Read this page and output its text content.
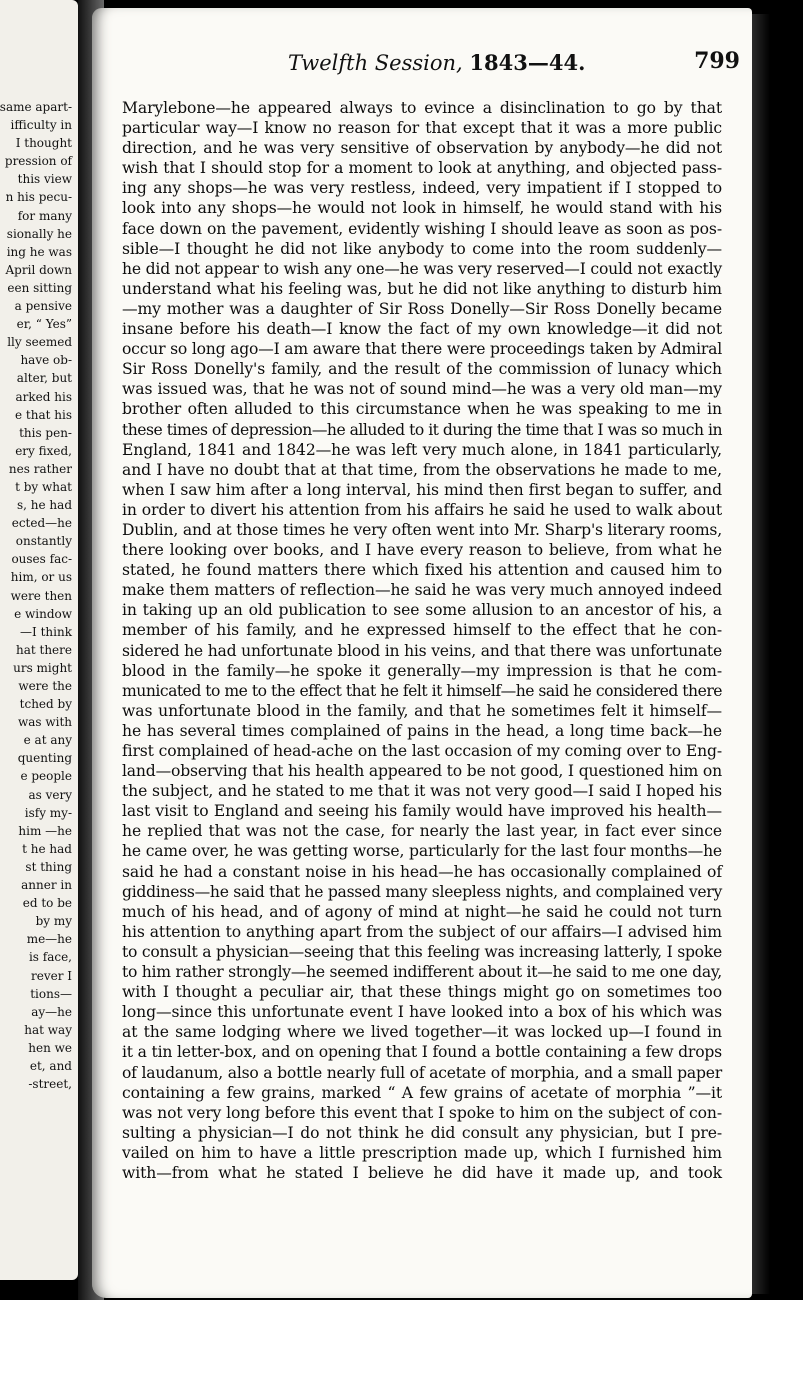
same apart-
ifficulty in
I thought
pression of
this view
n his pecu-
for many
sionally he
ing he was
April down
een sitting
a pensive
er, “ Yes”
lly seemed
have ob-
alter, but
arked his
e that his
this pen-
ery fixed,
nes rather
t by what
s, he had
ected—he
onstantly
ouses fac-
him, or us
were then
e window
—I think
hat there
urs might
were the
tched by
was with
e at any
quenting
e people
as very
isfy my-
him —he
t he had
st thing
anner in
ed to be
by my
me—he
is face,
rever I
tions—
ay—he
hat way
hen we
et, and
-street,
Twelfth Session, 1843—44.	799
Marylebone—he appeared always to evince a disinclination to go by that
particular way—I know no reason for that except that it was a more public
direction, and he was very sensitive of observation by anybody—he did not
wish that I should stop for a moment to look at anything, and objected pass-
ing any shops—he was very restless, indeed, very impatient if I stopped to
look into any shops—he would not look in himself, he would stand with his
face down on the pavement, evidently wishing I should leave as soon as pos-
sible—I thought he did not like anybody to come into the room suddenly—
he did not appear to wish any one—he was very reserved—I could not exactly
understand what his feeling was, but he did not like anything to disturb him
—my mother was a daughter of Sir Ross Donelly—Sir Ross Donelly became
insane before his death—I know the fact of my own knowledge—it did not
occur so long ago—I am aware that there were proceedings taken by Admiral
Sir Ross Donelly's family, and the result of the commission of lunacy which
was issued was, that he was not of sound mind—he was a very old man—my
brother often alluded to this circumstance when he was speaking to me in
these times of depression—he alluded to it during the time that I was so much in
England, 1841 and 1842—he was left very much alone, in 1841 particularly,
and I have no doubt that at that time, from the observations he made to me,
when I saw him after a long interval, his mind then first began to suffer, and
in order to divert his attention from his affairs he said he used to walk about
Dublin, and at those times he very often went into Mr. Sharp's literary rooms,
there looking over books, and I have every reason to believe, from what he
stated, he found matters there which fixed his attention and caused him to
make them matters of reflection—he said he was very much annoyed indeed
in taking up an old publication to see some allusion to an ancestor of his, a
member of his family, and he expressed himself to the effect that he con-
sidered he had unfortunate blood in his veins, and that there was unfortunate
blood in the family—he spoke it generally—my impression is that he com-
municated to me to the effect that he felt it himself—he said he considered there
was unfortunate blood in the family, and that he sometimes felt it himself—
he has several times complained of pains in the head, a long time back—he
first complained of head-ache on the last occasion of my coming over to Eng-
land—observing that his health appeared to be not good, I questioned him on
the subject, and he stated to me that it was not very good—I said I hoped his
last visit to England and seeing his family would have improved his health—
he replied that was not the case, for nearly the last year, in fact ever since
he came over, he was getting worse, particularly for the last four months—he
said he had a constant noise in his head—he has occasionally complained of
giddiness—he said that he passed many sleepless nights, and complained very
much of his head, and of agony of mind at night—he said he could not turn
his attention to anything apart from the subject of our affairs—I advised him
to consult a physician—seeing that this feeling was increasing latterly, I spoke
to him rather strongly—he seemed indifferent about it—he said to me one day,
with I thought a peculiar air, that these things might go on sometimes too
long—since this unfortunate event I have looked into a box of his which was
at the same lodging where we lived together—it was locked up—I found in
it a tin letter-box, and on opening that I found a bottle containing a few drops
of laudanum, also a bottle nearly full of acetate of morphia, and a small paper
containing a few grains, marked “ A few grains of acetate of morphia ”—it
was not very long before this event that I spoke to him on the subject of con-
sulting a physician—I do not think he did consult any physician, but I pre-
vailed on him to have a little prescription made up, which I furnished him
with—from what he stated I believe he did have it made up, and took
